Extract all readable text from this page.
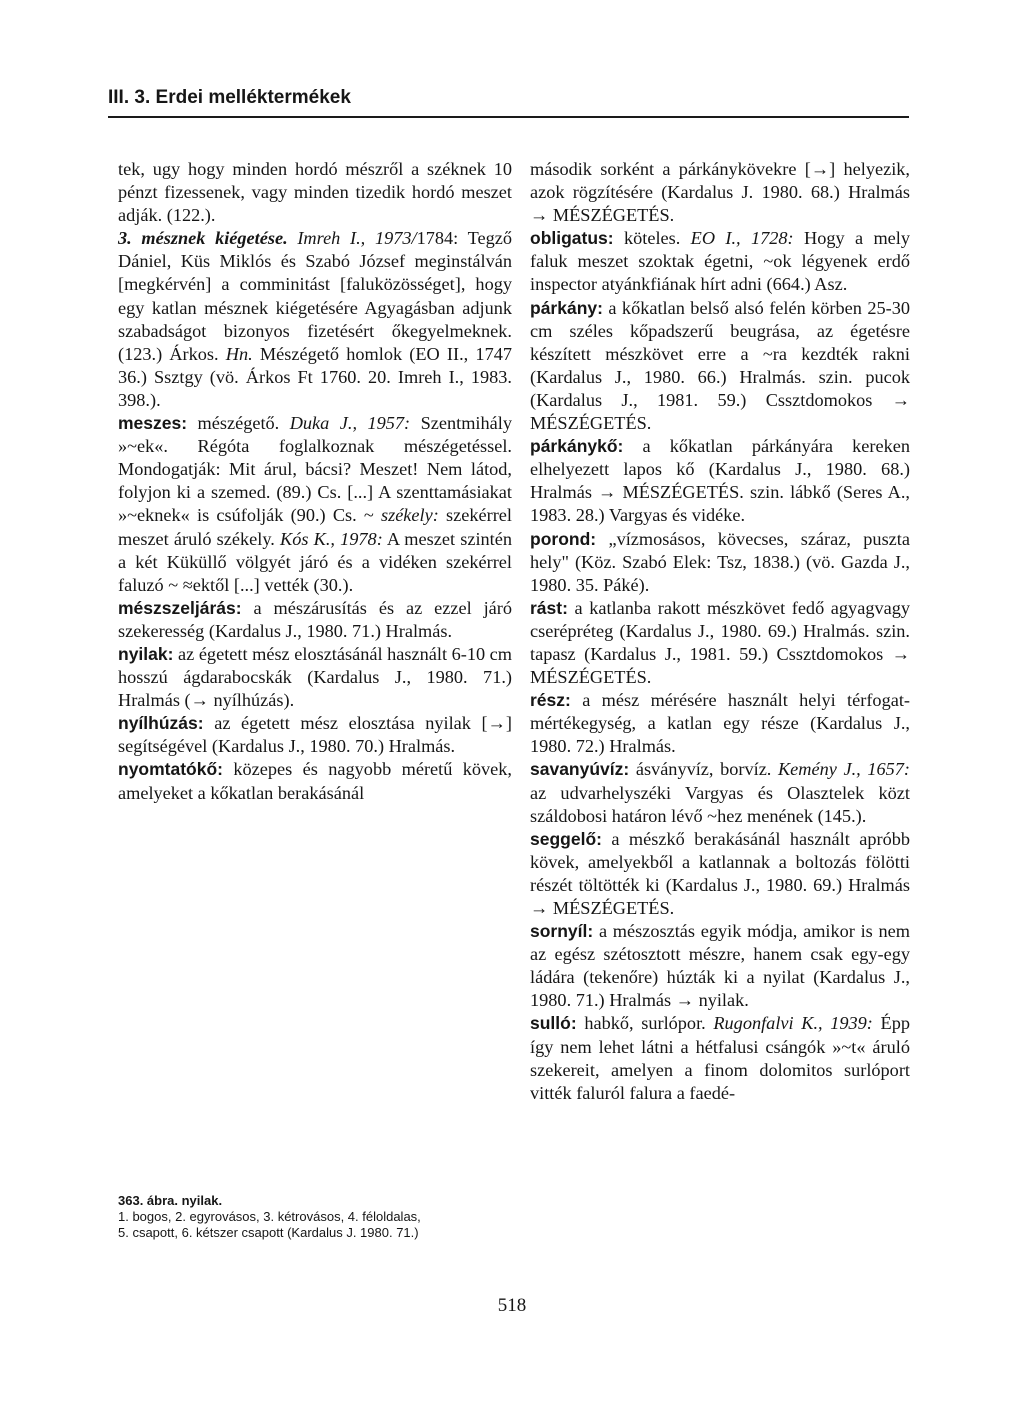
III. 3. Erdei melléktermékek

tek, ugy hogy minden hordó mészről a széknek 10 pénzt fizessenek, vagy minden tizedik hordó meszet adják. (122.).

3. mésznek kiégetése. Imreh I., 1973/1784: Tegző Dániel, Küs Miklós és Szabó József meginstálván [megkérvén] a comminitást [faluközösséget], hogy egy katlan mésznek kiégetésére Agyagásban adjunk szabadságot bizonyos fizetésért őkegyelmeknek. (123.) Árkos. Hn. Mészégető homlok (EO II., 1747 36.) Ssztgy (vö. Árkos Ft 1760. 20. Imreh I., 1983. 398.).

meszes: mészégető. Duka J., 1957: Szentmihály »~ek«. Régóta foglalkoznak mészégetéssel. Mondogatják: Mit árul, bácsi? Meszet! Nem látod, folyjon ki a szemed. (89.) Cs. [...] A szenttamásiakat »~eknek« is csúfolják (90.) Cs. ~ székely: szekérrel meszet áruló székely. Kós K., 1978: A meszet szintén a két Küküllő völgyét járó és a vidéken szekérrel faluzó ~ ≈ektől [...] vették (30.).

mészszeljárás: a mészárusítás és az ezzel járó szekeresség (Kardalus J., 1980. 71.) Hralmás.

nyilak: az égetett mész elosztásánál használt 6-10 cm hosszú ágdarabocskák (Kardalus J., 1980. 71.) Hralmás (→ nyílhúzás).

nyílhúzás: az égetett mész elosztása nyilak [→] segítségével (Kardalus J., 1980. 70.) Hralmás.

nyomtatókő: közepes és nagyobb méretű kövek, amelyeket a kőkatlan berakásánál

363. ábra. nyilak.
1. bogos, 2. egyrovásos, 3. kétrovásos, 4. féloldalas,
5. csapott, 6. kétszer csapott (Kardalus J. 1980. 71.)

második sorként a párkánykövekre [→] helyezik, azok rögzítésére (Kardalus J. 1980. 68.) Hralmás → MÉSZÉGETÉS.

obligatus: köteles. EO I., 1728: Hogy a mely faluk meszet szoktak égetni, ~ok légyenek erdő inspector atyánkfiának hírt adni (664.) Asz.

párkány: a kőkatlan belső alsó felén körben 25-30 cm széles kőpadszerű beugrása, az égetésre készített mészkövet erre a ~ra kezdték rakni (Kardalus J., 1980. 66.) Hralmás. szin. pucok (Kardalus J., 1981. 59.) Cssztdomokos → MÉSZÉGETÉS.

párkánykő: a kőkatlan párkányára kereken elhelyezett lapos kő (Kardalus J., 1980. 68.) Hralmás → MÉSZÉGETÉS. szin. lábkő (Seres A., 1983. 28.) Vargyas és vidéke.

porond: „vízmosásos, kövecses, száraz, puszta hely" (Köz. Szabó Elek: Tsz, 1838.) (vö. Gazda J., 1980. 35. Páké).

rást: a katlanba rakott mészkövet fedő agyagvagy cserépréteg (Kardalus J., 1980. 69.) Hralmás. szin. tapasz (Kardalus J., 1981. 59.) Cssztdomokos → MÉSZÉGETÉS.

rész: a mész mérésére használt helyi térfogat-mértékegység, a katlan egy része (Kardalus J., 1980. 72.) Hralmás.

savanyúvíz: ásványvíz, borvíz. Kemény J., 1657: az udvarhelyszéki Vargyas és Olasztelek közt száldobosi határon lévő ~hez menének (145.).

seggelő: a mészkő berakásánál használt apróbb kövek, amelyekből a katlannak a boltozás fölötti részét töltötték ki (Kardalus J., 1980. 69.) Hralmás → MÉSZÉGETÉS.

sornyíl: a mészosztás egyik módja, amikor is nem az egész szétosztott mészre, hanem csak egy-egy ládára (tekenőre) húzták ki a nyilat (Kardalus J., 1980. 71.) Hralmás → nyilak.

sulló: habkő, surlópor. Rugonfalvi K., 1939: Épp így nem lehet látni a hétfalusi csángók »~t« áruló szekereit, amelyen a finom dolomitos surlóport vitték faluról falura a faedé-

518
